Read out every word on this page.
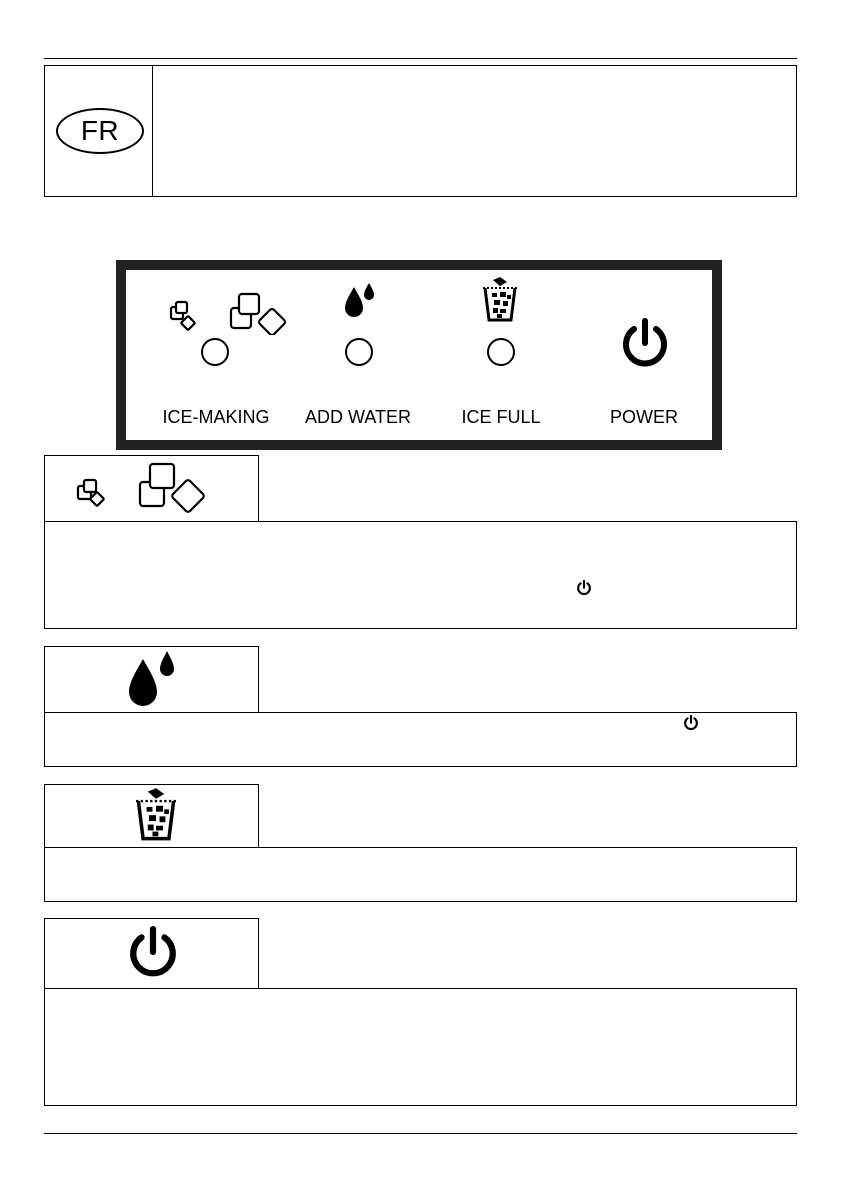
FR
ICE-MAKING	ADD WATER	ICE FULL	POWER
